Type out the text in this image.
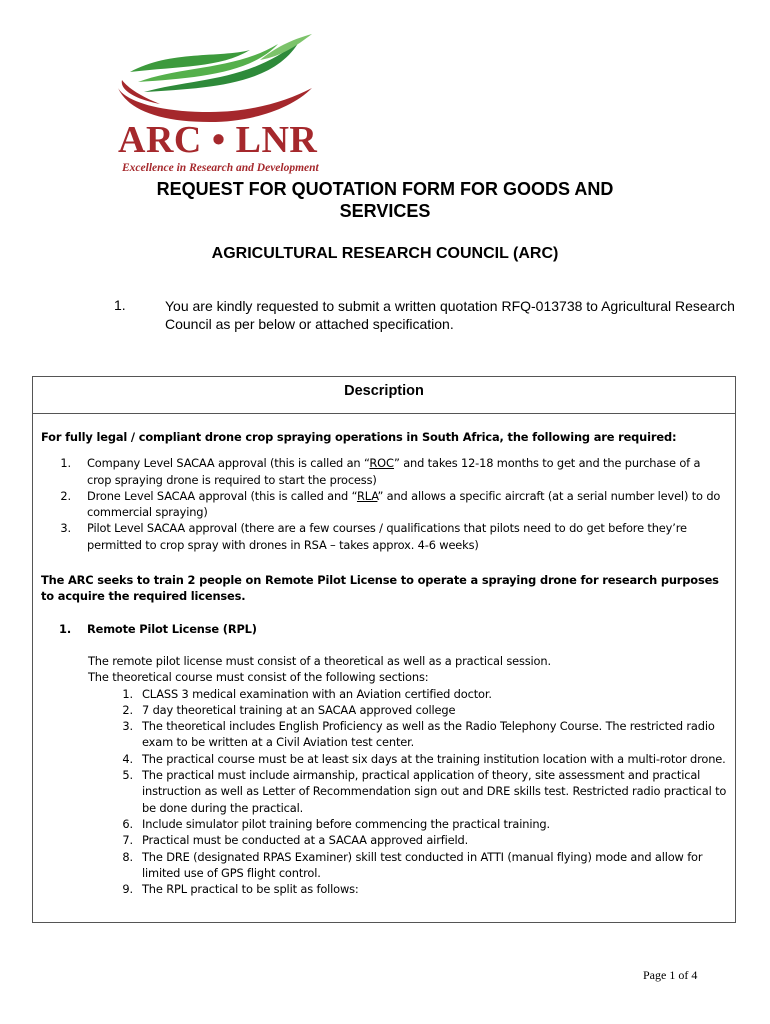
ARC • LNR
Excellence in Research and Development
REQUEST FOR QUOTATION FORM FOR GOODS AND SERVICES
AGRICULTURAL RESEARCH COUNCIL (ARC)
1.	You are kindly requested to submit a written quotation RFQ-013738 to Agricultural Research Council as per below or attached specification.
Description
For fully legal / compliant drone crop spraying operations in South Africa, the following are required:
1.	Company Level SACAA approval (this is called an “ROC” and takes 12-18 months to get and the purchase of a crop spraying drone is required to start the process)
2.	Drone Level SACAA approval (this is called and “RLA” and allows a specific aircraft (at a serial number level) to do commercial spraying)
3.	Pilot Level SACAA approval (there are a few courses / qualifications that pilots need to do get before they’re permitted to crop spray with drones in RSA – takes approx. 4-6 weeks)
The ARC seeks to train 2 people on Remote Pilot License to operate a spraying drone for research purposes to acquire the required licenses.
1.	Remote Pilot License (RPL)
The remote pilot license must consist of a theoretical as well as a practical session.
The theoretical course must consist of the following sections:
1. CLASS 3 medical examination with an Aviation certified doctor.
2. 7 day theoretical training at an SACAA approved college
3. The theoretical includes English Proficiency as well as the Radio Telephony Course. The restricted radio exam to be written at a Civil Aviation test center.
4. The practical course must be at least six days at the training institution location with a multi-rotor drone.
5. The practical must include airmanship, practical application of theory, site assessment and practical instruction as well as Letter of Recommendation sign out and DRE skills test. Restricted radio practical to be done during the practical.
6. Include simulator pilot training before commencing the practical training.
7. Practical must be conducted at a SACAA approved airfield.
8. The DRE (designated RPAS Examiner) skill test conducted in ATTI (manual flying) mode and allow for limited use of GPS flight control.
9. The RPL practical to be split as follows:
Page 1 of 4
